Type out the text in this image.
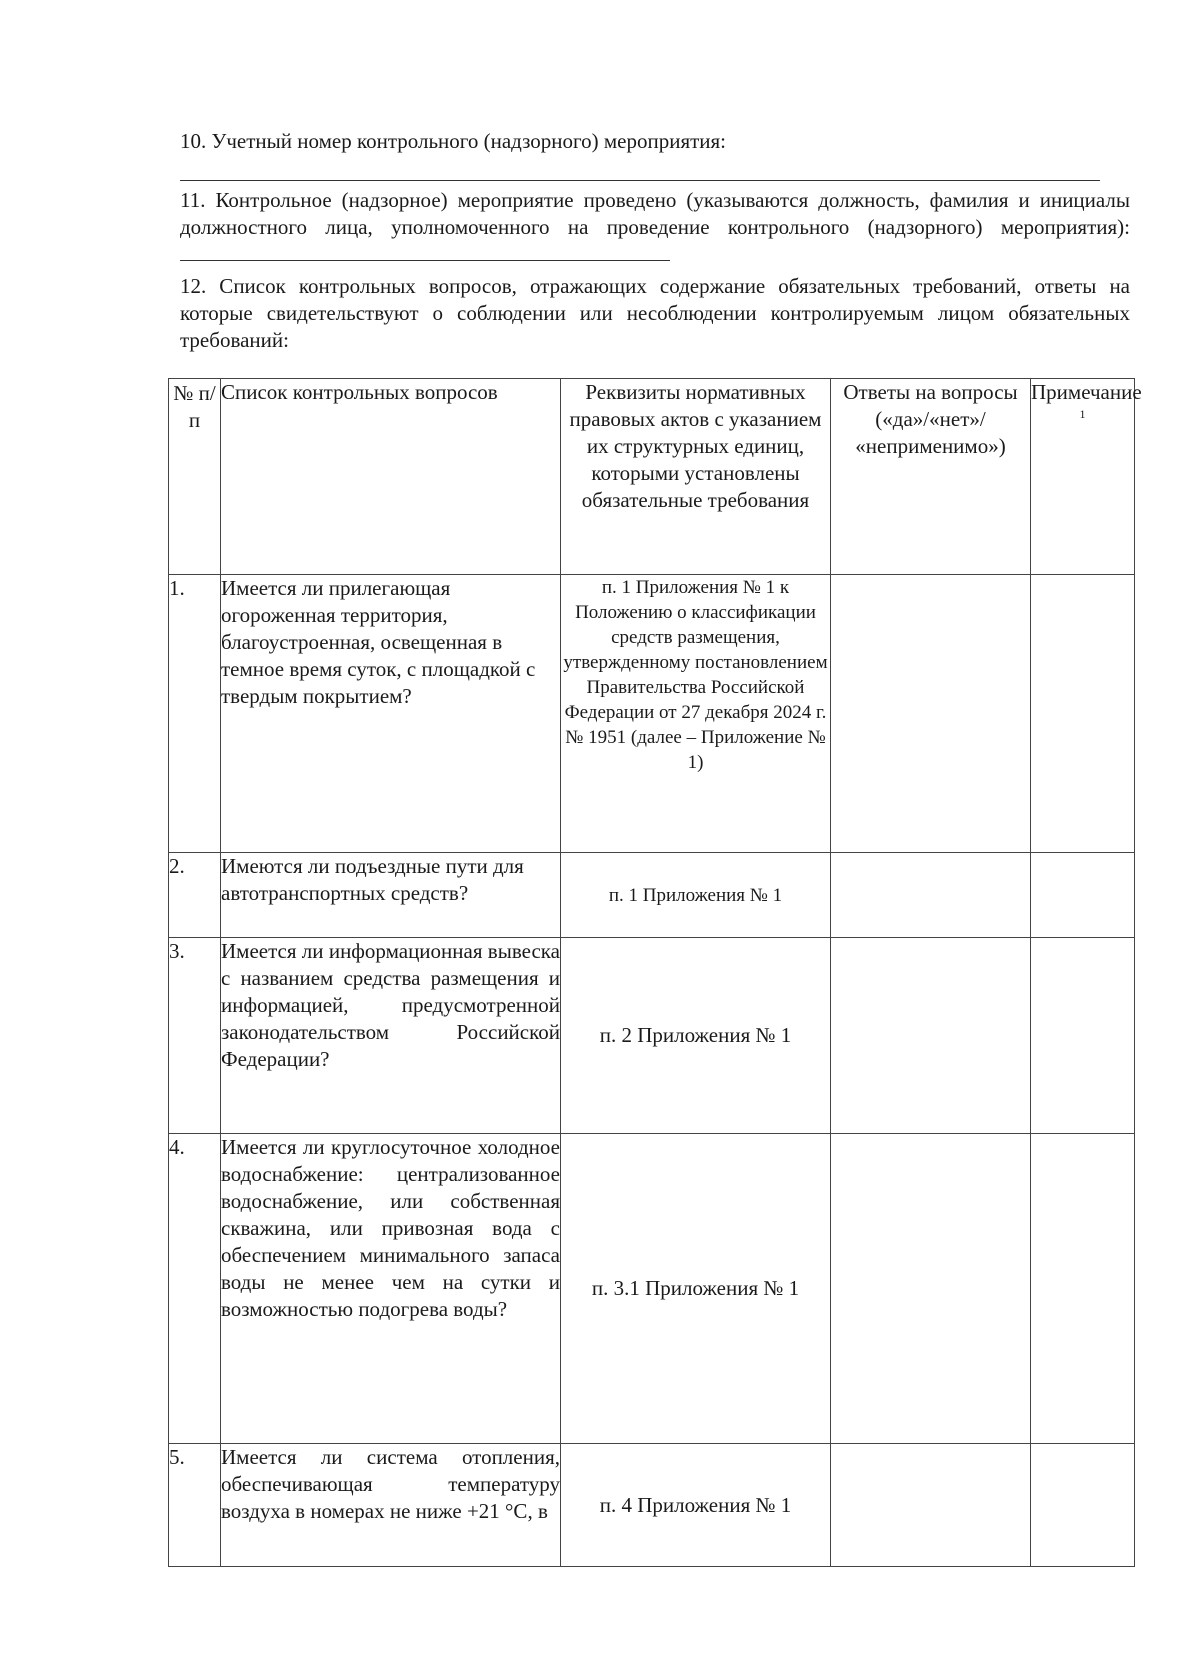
10. Учетный номер контрольного (надзорного) мероприятия:

11. Контрольное (надзорное) мероприятие проведено (указываются должность, фамилия и инициалы должностного лица, уполномоченного на проведение контрольного (надзорного) мероприятия):

12. Список контрольных вопросов, отражающих содержание обязательных требований, ответы на которые свидетельствуют о соблюдении или несоблюдении контролируемым лицом обязательных требований:

№ п/п	Список контрольных вопросов	Реквизиты нормативных правовых актов с указанием их структурных единиц, которыми установлены обязательные требования	Ответы на вопросы («да»/«нет»/ «неприменимо»)	Примечание $^1$
1.	Имеется ли прилегающая огороженная территория, благоустроенная, освещенная в темное время суток, с площадкой с твердым покрытием?	п. 1 Приложения № 1 к Положению о классификации средств размещения, утвержденному постановлением Правительства Российской Федерации от 27 декабря 2024 г. № 1951 (далее – Приложение № 1)		
2.	Имеются ли подъездные пути для автотранспортных средств?	п. 1 Приложения № 1		
3.	Имеется ли информационная вывеска с названием средства размещения и информацией, предусмотренной законодательством Российской Федерации?	п. 2 Приложения № 1		
4.	Имеется ли круглосуточное холодное водоснабжение: централизованное водоснабжение, или собственная скважина, или привозная вода с обеспечением минимального запаса воды не менее чем на сутки и возможностью подогрева воды?	п. 3.1 Приложения № 1		
5.	Имеется ли система отопления, обеспечивающая температуру воздуха в номерах не ниже +21 °C, в	п. 4 Приложения № 1		
